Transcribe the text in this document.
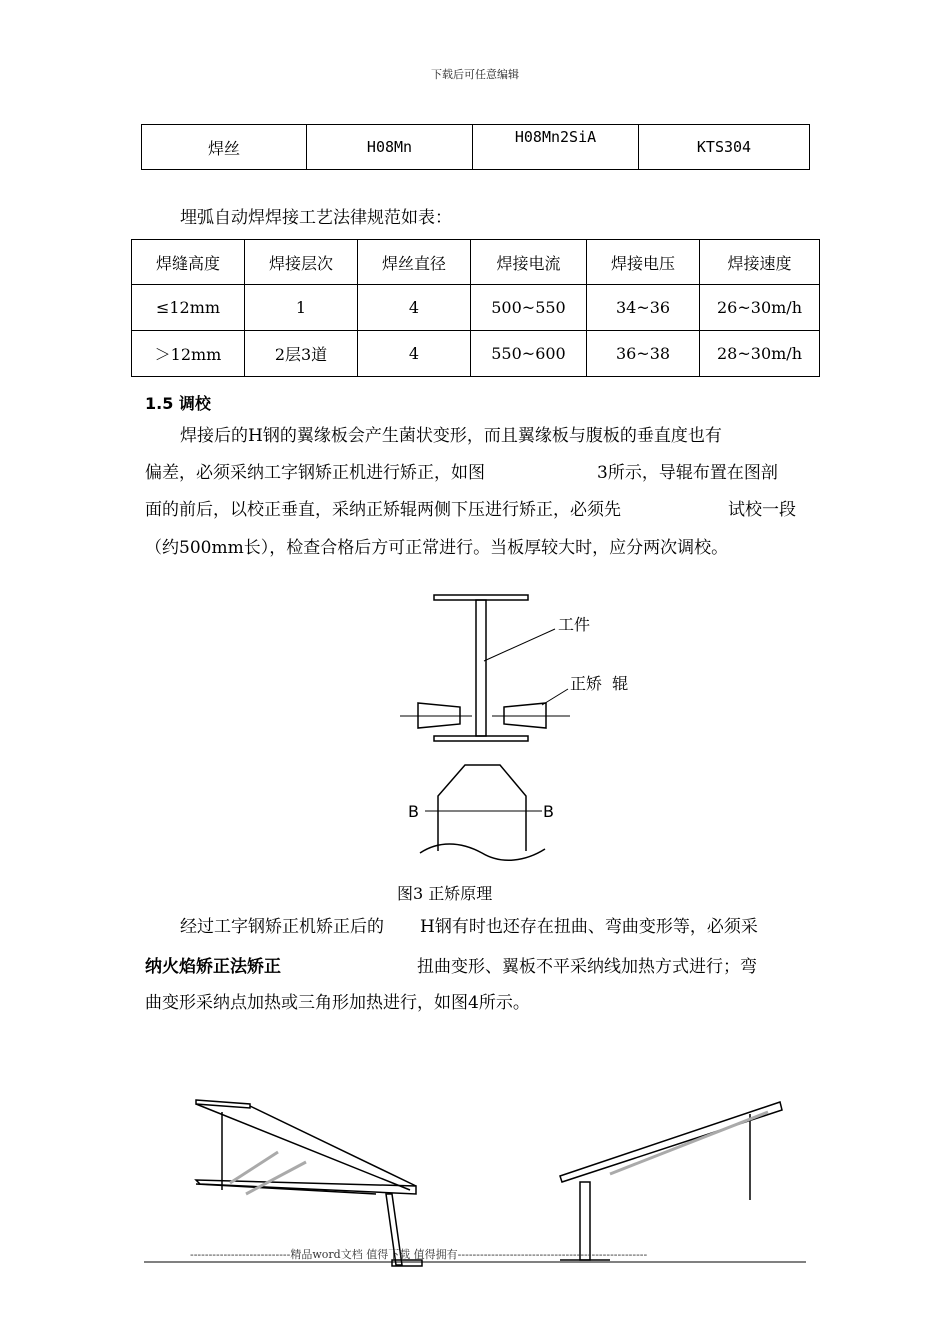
下载后可任意编辑
焊丝	H08Mn	H08Mn2SiA	KTS304
埋弧自动焊焊接工艺法律规范如表：
焊缝高度	焊接层次	焊丝直径	焊接电流	焊接电压	焊接速度
≤12mm	1	4	500~550	34~36	26~30m/h
＞12mm	2层3道	4	550~600	36~38	28~30m/h
1.5 调校
焊接后的H钢的翼缘板会产生菌状变形，而且翼缘板与腹板的垂直度也有
偏差，必须采纳工字钢矫正机进行矫正，如图	3所示，导辊布置在图剖
面的前后，以校正垂直，采纳正矫辊两侧下压进行矫正，必须先	试校一段
（约500mm长），检查合格后方可正常进行。当板厚较大时，应分两次调校。
工件
正矫  辊
B	B
图3 正矫原理
经过工字钢矫正机矫正后的 H钢有时也还存在扭曲、弯曲变形等，必须采
纳火焰矫正法矫正	扭曲变形、翼板不平采纳线加热方式进行；弯
曲变形采纳点加热或三角形加热进行，如图4所示。
---------------------------精品word文档 值得下载 值得拥有---------------------------------------------------
